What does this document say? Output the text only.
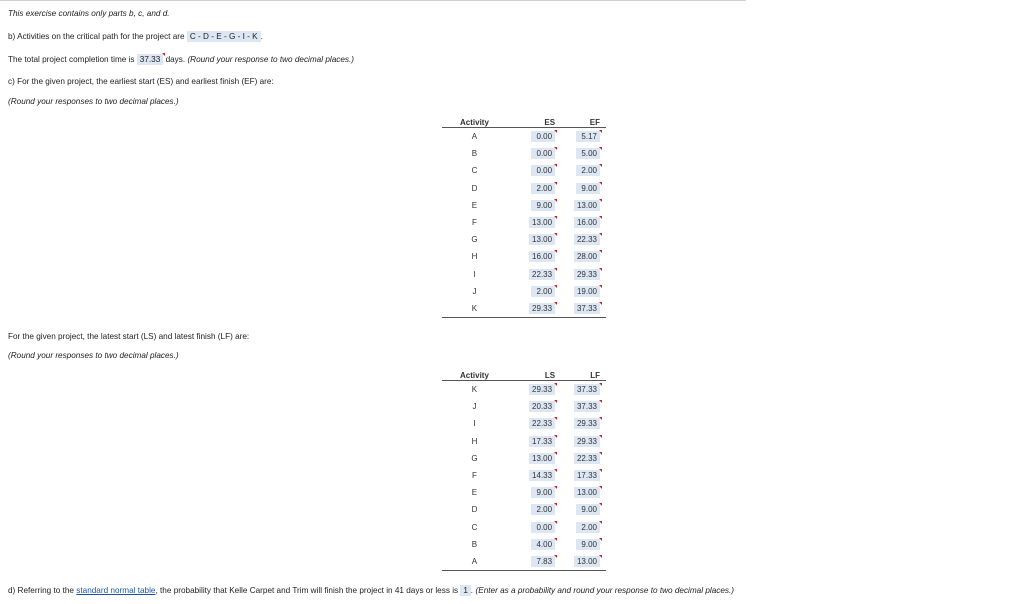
This exercise contains only parts b, c, and d.
b) Activities on the critical path for the project are C - D - E - G - I - K .
The total project completion time is 37.33 days. (Round your response to two decimal places.)
c) For the given project, the earliest start (ES) and earliest finish (EF) are:
(Round your responses to two decimal places.)
Activity	ES	EF
A	0.00	5.17
B	0.00	5.00
C	0.00	2.00
D	2.00	9.00
E	9.00	13.00
F	13.00	16.00
G	13.00	22.33
H	16.00	28.00
I	22.33	29.33
J	2.00	19.00
K	29.33	37.33
For the given project, the latest start (LS) and latest finish (LF) are:
(Round your responses to two decimal places.)
Activity	LS	LF
K	29.33	37.33
J	20.33	37.33
I	22.33	29.33
H	17.33	29.33
G	13.00	22.33
F	14.33	17.33
E	9.00	13.00
D	2.00	9.00
C	0.00	2.00
B	4.00	9.00
A	7.83	13.00
d) Referring to the standard normal table, the probability that Kelle Carpet and Trim will finish the project in 41 days or less is 1 . (Enter as a probability and round your response to two decimal places.)
